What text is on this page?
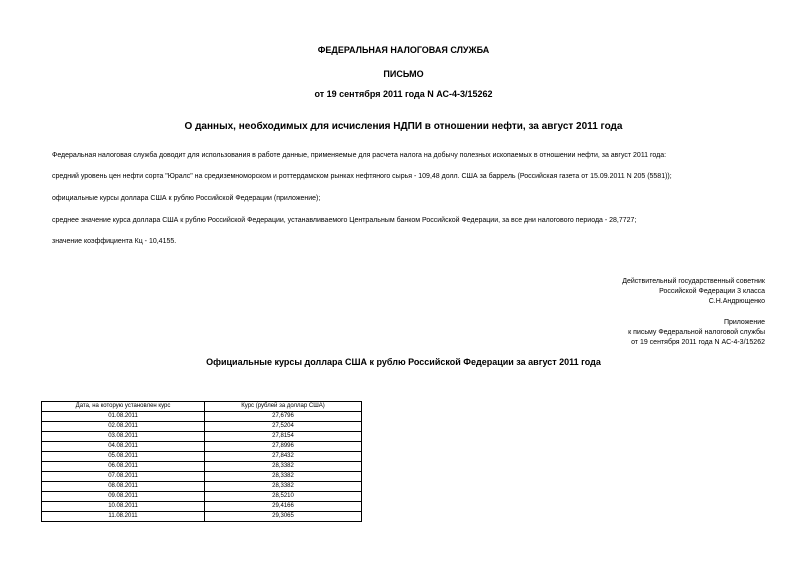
ФЕДЕРАЛЬНАЯ НАЛОГОВАЯ СЛУЖБА
ПИСЬМО
от 19 сентября 2011 года N АС-4-3/15262
О данных, необходимых для исчисления НДПИ в отношении нефти, за август 2011 года
Федеральная налоговая служба доводит для использования в работе данные, применяемые для расчета налога на добычу полезных ископаемых в отношении нефти, за август 2011 года:
средний уровень цен нефти сорта "Юралс" на средиземноморском и роттердамском рынках нефтяного сырья - 109,48 долл. США за баррель (Российская газета от 15.09.2011 N 205 (5581));
официальные курсы доллара США к рублю Российской Федерации (приложение);
среднее значение курса доллара США к рублю Российской Федерации, устанавливаемого Центральным банком Российской Федерации, за все дни налогового периода - 28,7727;
значение коэффициента Кц - 10,4155.
Действительный государственный советник
Российской Федерации 3 класса
С.Н.Андрющенко
Приложение
к письму Федеральной налоговой службы
от 19 сентября 2011 года N АС-4-3/15262
Официальные курсы доллара США к рублю Российской Федерации за август 2011 года
Дата, на которую установлен курс	Курс (рублей за доллар США)
01.08.2011	27,6796
02.08.2011	27,5204
03.08.2011	27,8154
04.08.2011	27,8996
05.08.2011	27,8432
06.08.2011	28,3382
07.08.2011	28,3382
08.08.2011	28,3382
09.08.2011	28,5210
10.08.2011	29,4166
11.08.2011	29,3065
